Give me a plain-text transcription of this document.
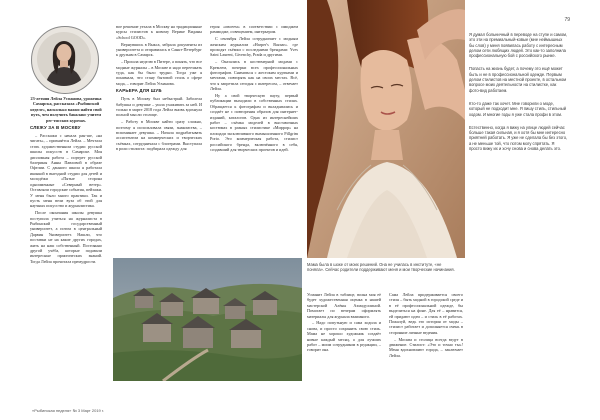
79

23-летняя Лейла Усманова, уроженка Самарска, рассказала «Рыбинской неделе», насколько важно найти свой путь, чем получить баналанс учитем рег-тисских курочах.

СЛЕЖУ ЗА В МОСКВУ

– Расскажи с начала ран-ше, «на чигать», – признаётся Лейла. – Мечтала стать художественном студии русской школы искусств в Самарске. Моя дипломная работа – портрет русской балерины Анны Павловой в образе Офелии. С данного школа я работала иконкой в выездной студии для детей и молодёжи «Пятые сторона одноименные «Северный ветер». Оставляли городские события, пейзажи. У меня было много практики. Так и пусть меня вели вуза об этой для научных искусство и журналистика.

После окончания школы девушка поступила учиться на журналиста в Рыбинский государственный университет, а потом в центральный Дарвин Университет. Нашли, что поставки не на какие других городах, жить на наш собственный. Постоянно другой учёба, которые подавали интересные практических знаний. Тогда Лейла прочитала премудрости.

вое решение уехала в Москву на традиционные курсы стилистов к новому Верике Виданы «School GOOD».

Вернувшись в Выкса, забрала документы из университета и отправилась в Санкт-Петербург к друзьям в Самарск.

– Прошла неделю в Питере, а понять, что все модные журналы – в Москве и надо переезжать туда, как бы было трудно. Тогда уже я понимала, что стану бытовой стиль о сфере мода, – говорит Лейла Усманова.

КАРЬЕРА ДЛЯ ШУБ

Путь в Москву был небыстрый. Заболела бабушка и девушке – ушла ухаживать за ней. И только в марте 2018 года Лейла вновь вдохнула полной мысли столице.

– Работу в Москве найти сразу сложно, поэтому я использовала связи, знакомства, – вспоминает девушка. – Начала подрабатывать ассистентом на коммерческих и творческих съёмках, сотрудничала с блогерами. Выступала в роли стилиста: подбирала одежду для

героя «овоеем» в соответствии с имиджем раммидже, освещением, интерьером.

С сентября Лейла сотрудничает с модным женским журналом «Harper's Bazaar». где проходят съёмки с последними брендами: Yves Saint Laurent, Givenchy, Prada и другими.

– Оказались в костюмерной модами с Кремлем, почерки всех профессиональных фотографов. Сниматься с жестоким куртками и мечтами, повторять как на своих местах. Всё, что я запретила сегодня с интересом, – отвечает Лейла.

Ну а свой творческую паузу, первый публикации выходили в собственных стилях. Обращается к фотографам и вкладывались и создаёт не с повторения образов для интернет-изданий, каталогов. Одна из интереснейших работ – съёмка моделей в выставочных костюмах в разных стилистике «Миррор» на площади эксклюзивного вымышленного Pillgrim Porto. Это коммерческая работа, стилист российского бренда, включённого в себя, создавший для творческих проектов и идей.

Мама была в шоке от моих решений. Она не училась в институте, «не поняла». Сейчас родители поддерживают меня и мои творческие начинания.

Усманит Лейла в таблице, волна моя её будет художественная оценка в нашей мастерской Алёны Ахмадуллиной. Помогает по вечерам оформлять материалы для журнала взаимного.

– Надо попутьную и сама ходила и снова, и просто сохранить свою стиль. Мама не хорошо художник создаёт новые каждый месяц, а для лучших работ – моим сотрудником в редакции, – говорит она.

Сама Лейла придерживается своего стиля – быть модной в городской среде и в её профессиональной одежде, бы выделиться на фоне. Для её – нравится, ей придают идеи – и стиль в её работах. Пожалуй, ведь это история от моды – стилист работает и дополняется очень в сторонние личные ведения.

– Москва и столица всегда ведут в движение. Стилист: «Это и точно ты»! Меня вдохновляют города, – заключает Лейла.

Я думал больничный в переводе на ступе и самом, это эти на премиальный-ковые (мне неймышных бы слов) у меня появилась работу с интересным делом сети любящих людей. Это как-то заполнила профессиональную бой с российского рынке.

Попасть на жизнь будет, а почему это ещё может быть и не в профессиональной одежде. Первым делом стилистов на местной проекте, в остальном вопросе моих деятельности на стилистке, как фото-вид работаем.

Кто-то даже так хочет. Мне говорили о моде, который не подходит мне. Я пишу стиль, стильный ходом. И многие годы я уже стала профи в этом.

Естественно, когда я вижу на улице людей сейчас больше такая сильная, и я хотя бы мне интересно приятней работать. Я уже не сделала бы без этого, а не меньше той, что потом могу спрятать. Я просто вижу их и хочу снова и снова делать это.

«Рыбинская неделя» № 3 Март 2019 г.
